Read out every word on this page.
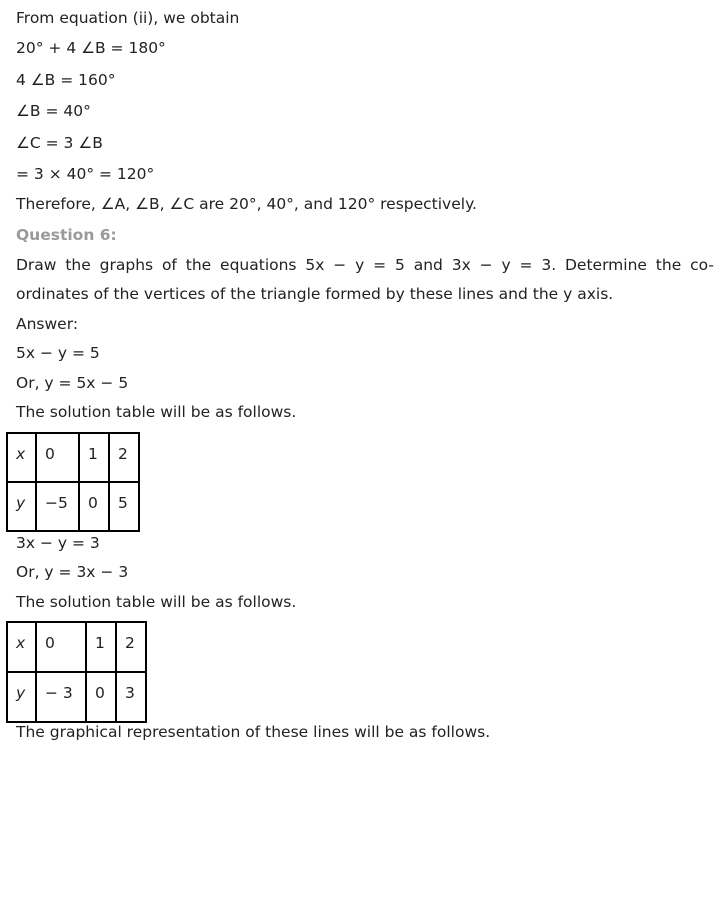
From equation (ii), we obtain
20° + 4 ∠B = 180°
4 ∠B = 160°
∠B = 40°
∠C = 3 ∠B
= 3 × 40° = 120°
Therefore, ∠A, ∠B, ∠C are 20°, 40°, and 120° respectively.
Question 6:
Draw the graphs of the equations 5x − y = 5 and 3x − y = 3. Determine the co-
ordinates of the vertices of the triangle formed by these lines and the y axis.
Answer:
5x − y = 5
Or, y = 5x − 5
The solution table will be as follows.
x	0	1	2
y	−5	0	5
3x − y = 3
Or, y = 3x − 3
The solution table will be as follows.
x	0	1	2
y	− 3	0	3
The graphical representation of these lines will be as follows.
